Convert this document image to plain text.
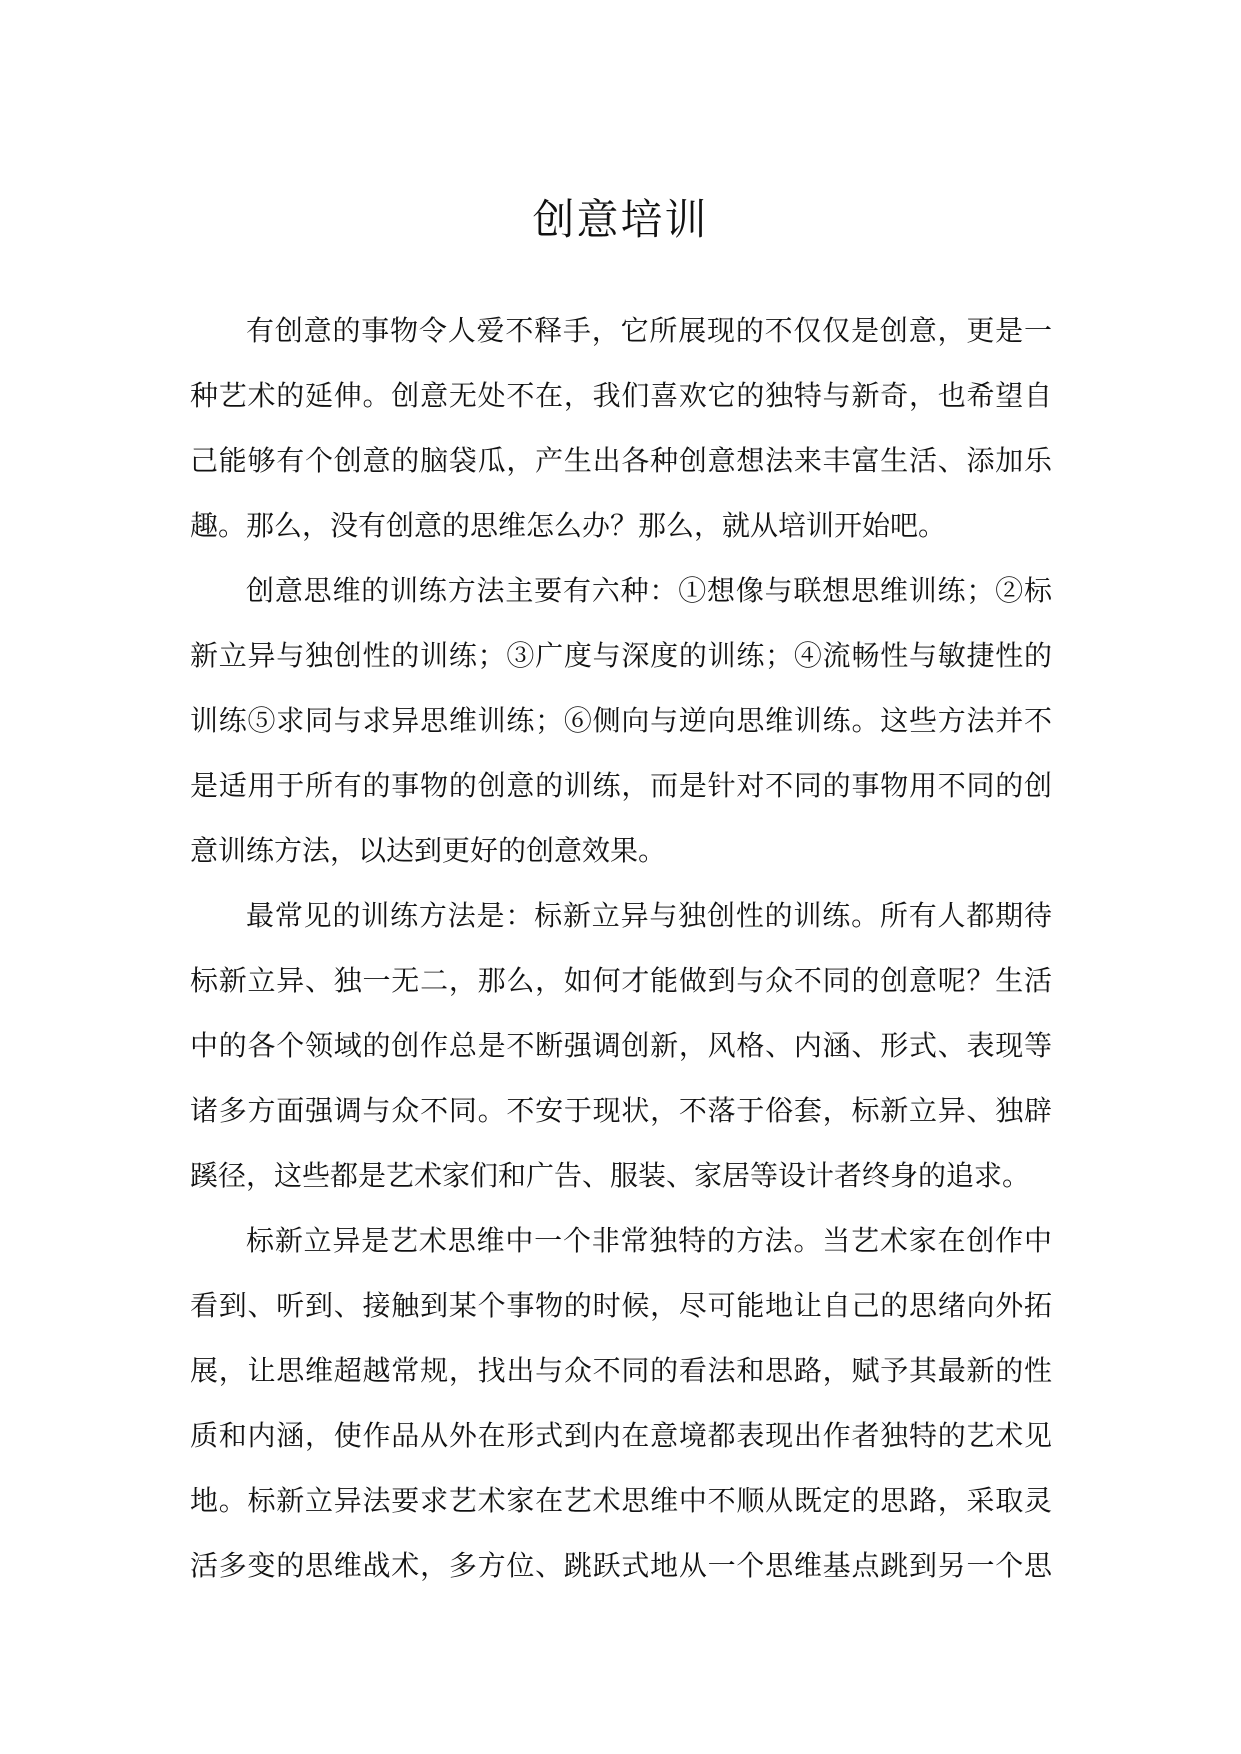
创意培训
有创意的事物令人爱不释手，它所展现的不仅仅是创意，更是一
种艺术的延伸。创意无处不在，我们喜欢它的独特与新奇，也希望自
己能够有个创意的脑袋瓜，产生出各种创意想法来丰富生活、添加乐
趣。那么，没有创意的思维怎么办？那么，就从培训开始吧。
创意思维的训练方法主要有六种：①想像与联想思维训练；②标
新立异与独创性的训练；③广度与深度的训练；④流畅性与敏捷性的
训练⑤求同与求异思维训练；⑥侧向与逆向思维训练。这些方法并不
是适用于所有的事物的创意的训练，而是针对不同的事物用不同的创
意训练方法，以达到更好的创意效果。
最常见的训练方法是：标新立异与独创性的训练。所有人都期待
标新立异、独一无二，那么，如何才能做到与众不同的创意呢？生活
中的各个领域的创作总是不断强调创新，风格、内涵、形式、表现等
诸多方面强调与众不同。不安于现状，不落于俗套，标新立异、独辟
蹊径，这些都是艺术家们和广告、服装、家居等设计者终身的追求。
标新立异是艺术思维中一个非常独特的方法。当艺术家在创作中
看到、听到、接触到某个事物的时候，尽可能地让自己的思绪向外拓
展，让思维超越常规，找出与众不同的看法和思路，赋予其最新的性
质和内涵，使作品从外在形式到内在意境都表现出作者独特的艺术见
地。标新立异法要求艺术家在艺术思维中不顺从既定的思路，采取灵
活多变的思维战术，多方位、跳跃式地从一个思维基点跳到另一个思
